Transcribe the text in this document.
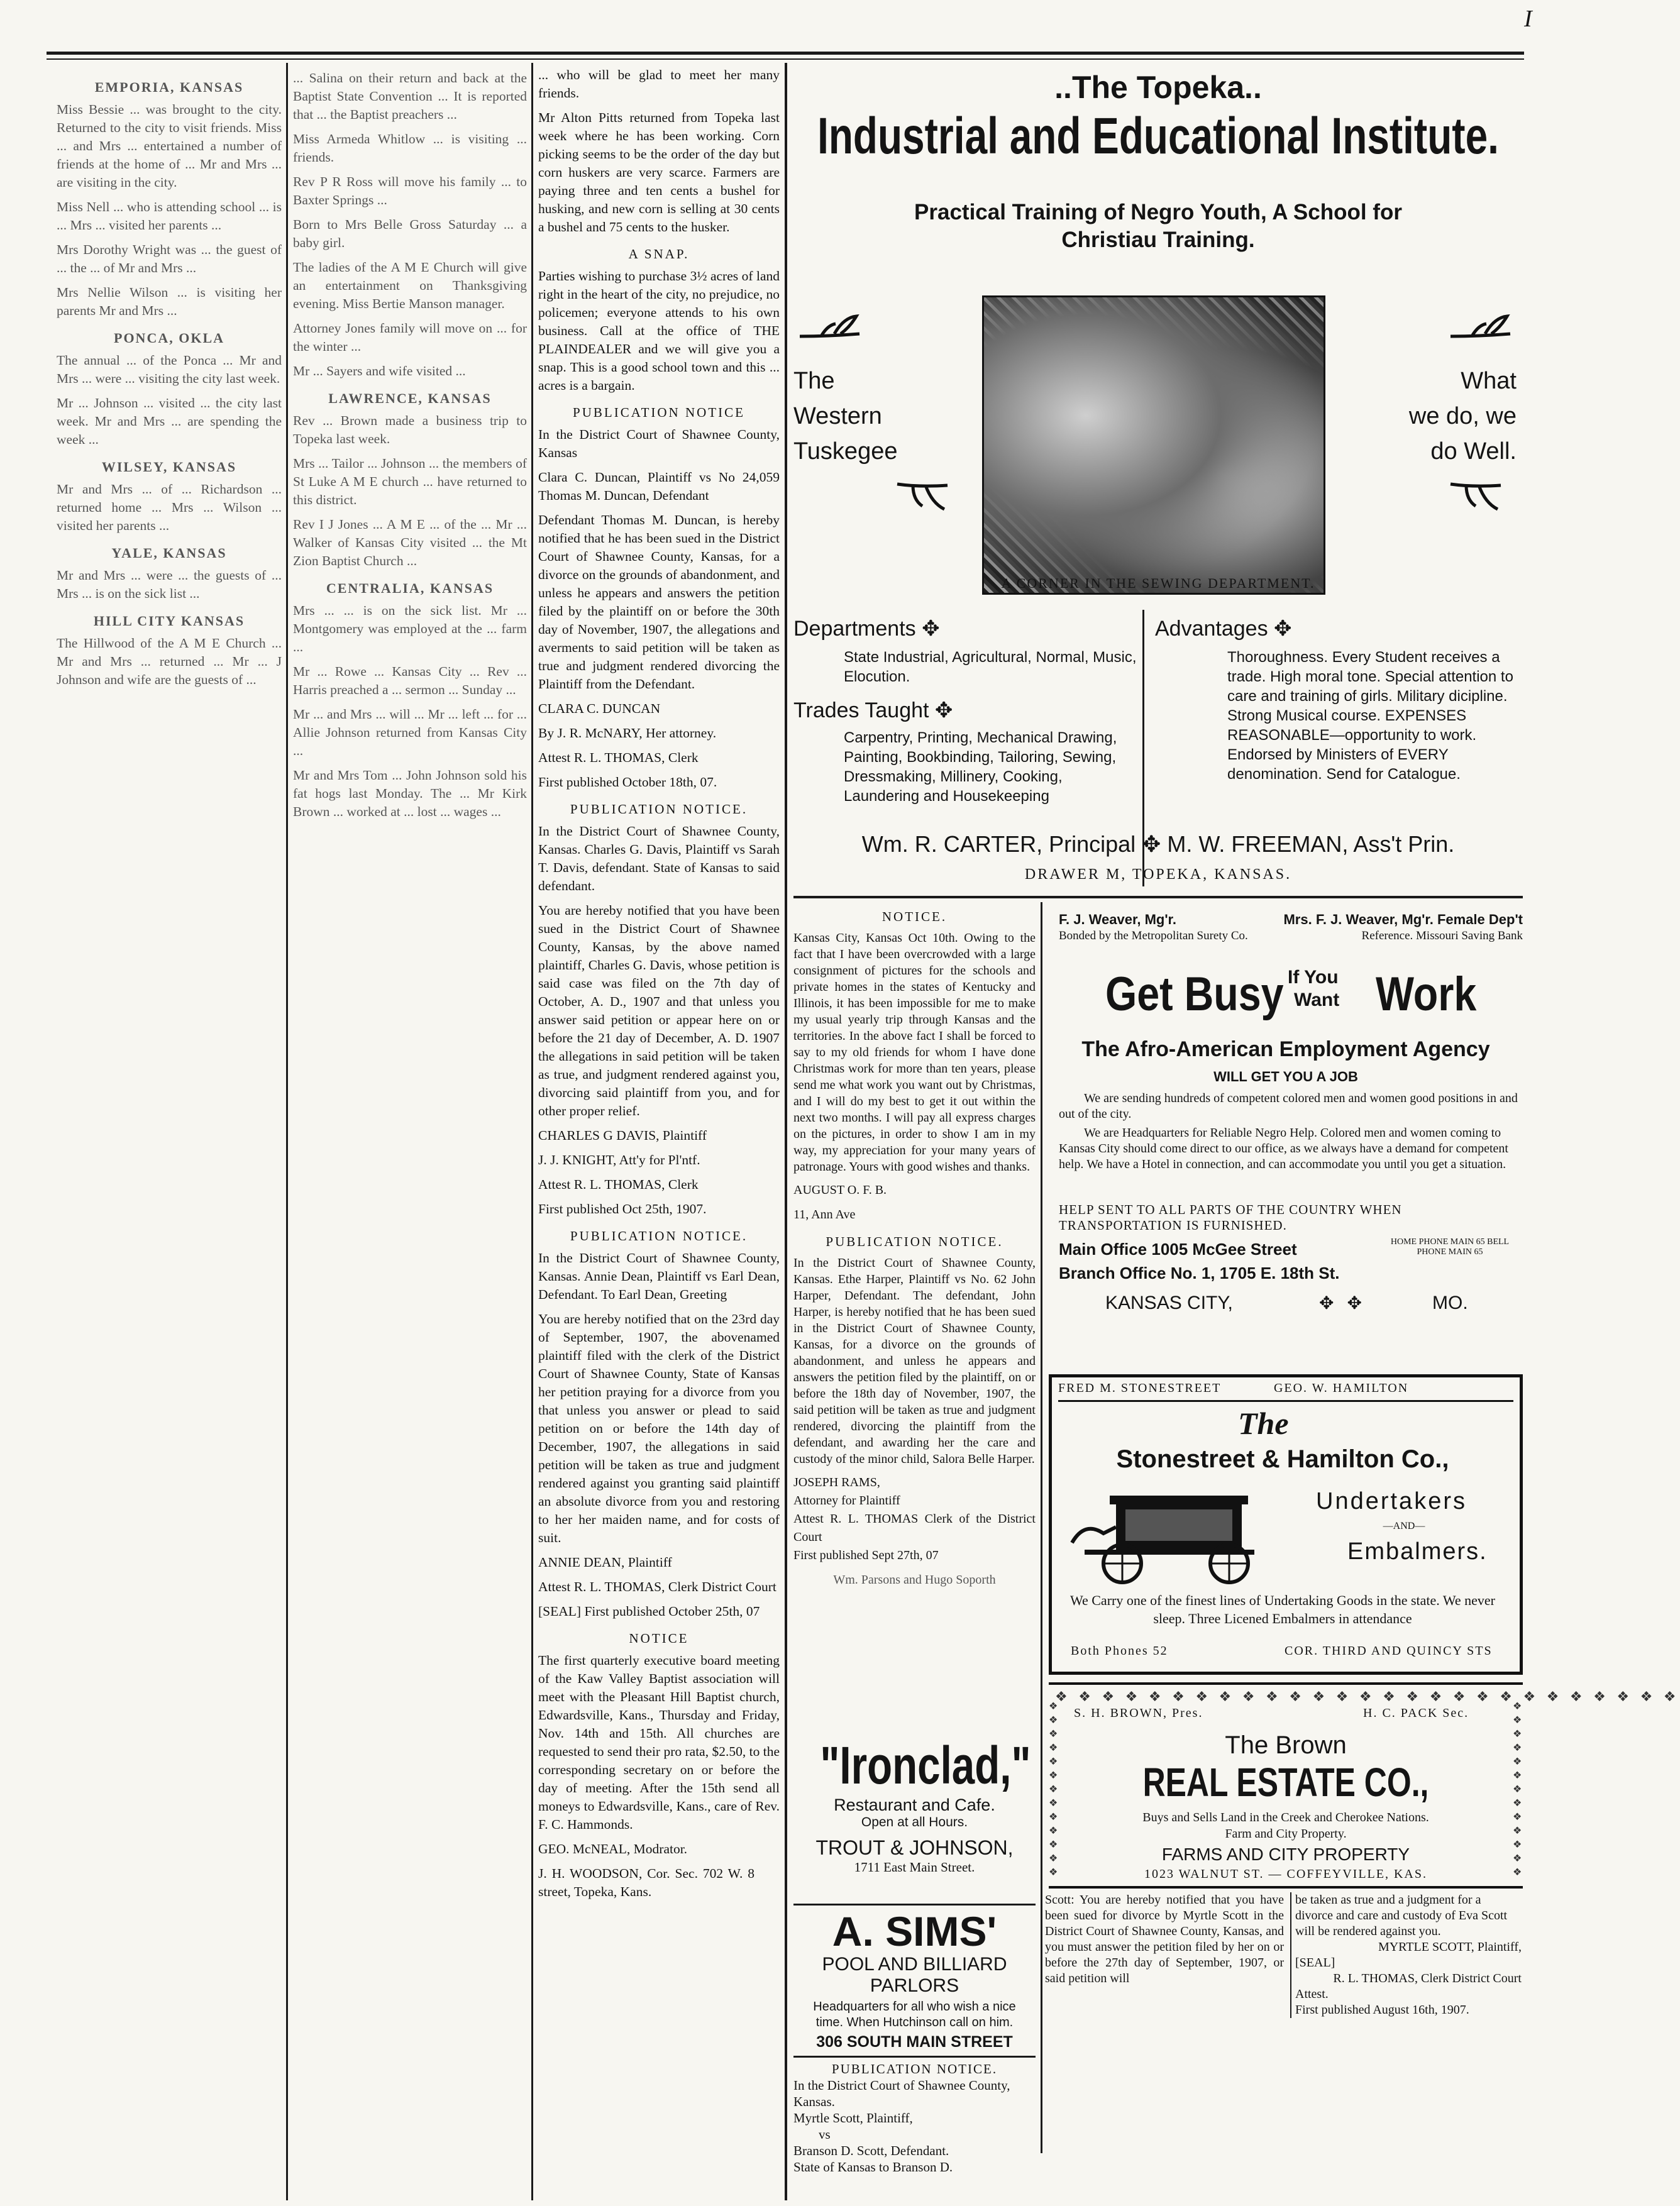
I
EMPORIA, KANSAS

Miss Bessie ... was brought to the city. Returned to the city to visit friends. Miss ... and Mrs ... entertained a number of friends at the home of ... Mr and Mrs ... are visiting in the city.

Miss Nell ... who is attending school ... is ... Mrs ... visited her parents ...

Mrs Dorothy Wright was ... the guest of ... the ... of Mr and Mrs ...

Mrs Nellie Wilson ... is visiting her parents Mr and Mrs ...

PONCA, OKLA

The annual ... of the Ponca ... Mr and Mrs ... were ... visiting the city last week.

Mr ... Johnson ... visited ... the city last week. Mr and Mrs ... are spending the week ...

WILSEY, KANSAS

Mr and Mrs ... of ... Richardson ... returned home ... Mrs ... Wilson ... visited her parents ...

YALE, KANSAS

Mr and Mrs ... were ... the guests of ... Mrs ... is on the sick list ...

HILL CITY KANSAS

The Hillwood of the A M E Church ... Mr and Mrs ... returned ... Mr ... J Johnson and wife are the guests of ...

... Salina on their return and back at the Baptist State Convention ... It is reported that ... the Baptist preachers ...

Miss Armeda Whitlow ... is visiting ... friends.

Rev P R Ross will move his family ... to Baxter Springs ...

Born to Mrs Belle Gross Saturday ... a baby girl.

The ladies of the A M E Church will give an entertainment on Thanksgiving evening. Miss Bertie Manson manager.

Attorney Jones family will move on ... for the winter ...

Mr ... Sayers and wife visited ...

LAWRENCE, KANSAS

Rev ... Brown made a business trip to Topeka last week.

Mrs ... Tailor ... Johnson ... the members of St Luke A M E church ... have returned to this district.

Rev I J Jones ... A M E ... of the ... Mr ... Walker of Kansas City visited ... the Mt Zion Baptist Church ...

CENTRALIA, KANSAS

Mrs ... ... is on the sick list. Mr ... Montgomery was employed at the ... farm ...

Mr ... Rowe ... Kansas City ... Rev ... Harris preached a ... sermon ... Sunday ...

Mr ... and Mrs ... will ... Mr ... left ... for ... Allie Johnson returned from Kansas City ...

Mr and Mrs Tom ... John Johnson sold his fat hogs last Monday. The ... Mr Kirk Brown ... worked at ... lost ... wages ...

... who will be glad to meet her many friends.

Mr Alton Pitts returned from Topeka last week where he has been working. Corn picking seems to be the order of the day but corn huskers are very scarce. Farmers are paying three and ten cents a bushel for husking, and new corn is selling at 30 cents a bushel and 75 cents to the husker.

A SNAP.

Parties wishing to purchase 3½ acres of land right in the heart of the city, no prejudice, no policemen; everyone attends to his own business. Call at the office of THE PLAINDEALER and we will give you a snap. This is a good school town and this ... acres is a bargain.

PUBLICATION NOTICE

In the District Court of Shawnee County, Kansas

Clara C. Duncan, Plaintiff vs No 24,059 Thomas M. Duncan, Defendant

Defendant Thomas M. Duncan, is hereby notified that he has been sued in the District Court of Shawnee County, Kansas, for a divorce on the grounds of abandonment, and unless he appears and answers the petition filed by the plaintiff on or before the 30th day of November, 1907, the allegations and averments to said petition will be taken as true and judgment rendered divorcing the Plaintiff from the Defendant.

CLARA C. DUNCAN

By J. R. McNARY, Her attorney.

Attest R. L. THOMAS, Clerk

First published October 18th, 07.

PUBLICATION NOTICE.

In the District Court of Shawnee County, Kansas. Charles G. Davis, Plaintiff vs Sarah T. Davis, defendant. State of Kansas to said defendant.

You are hereby notified that you have been sued in the District Court of Shawnee County, Kansas, by the above named plaintiff, Charles G. Davis, whose petition is said case was filed on the 7th day of October, A. D., 1907 and that unless you answer said petition or appear here on or before the 21 day of December, A. D. 1907 the allegations in said petition will be taken as true, and judgment rendered against you, divorcing said plaintiff from you, and for other proper relief.

CHARLES G DAVIS, Plaintiff

J. J. KNIGHT, Att'y for Pl'ntf.

Attest R. L. THOMAS, Clerk

First published Oct 25th, 1907.

PUBLICATION NOTICE.

In the District Court of Shawnee County, Kansas. Annie Dean, Plaintiff vs Earl Dean, Defendant. To Earl Dean, Greeting

You are hereby notified that on the 23rd day of September, 1907, the abovenamed plaintiff filed with the clerk of the District Court of Shawnee County, State of Kansas her petition praying for a divorce from you that unless you answer or plead to said petition on or before the 14th day of December, 1907, the allegations in said petition will be taken as true and judgment rendered against you granting said plaintiff an absolute divorce from you and restoring to her her maiden name, and for costs of suit.

ANNIE DEAN, Plaintiff

Attest R. L. THOMAS, Clerk District Court

[SEAL] First published October 25th, 07

NOTICE

The first quarterly executive board meeting of the Kaw Valley Baptist association will meet with the Pleasant Hill Baptist church, Edwardsville, Kans., Thursday and Friday, Nov. 14th and 15th. All churches are requested to send their pro rata, $2.50, to the corresponding secretary on or before the day of meeting. After the 15th send all moneys to Edwardsville, Kans., care of Rev. F. C. Hammonds.

GEO. McNEAL, Modrator.

J. H. WOODSON, Cor. Sec. 702 W. 8 street, Topeka, Kans.

..The Topeka..
Industrial and Educational Institute.
Practical Training of Negro Youth, A School for
Christiau Training.
The
Western
Tuskegee
What
we do, we
do Well.
A CORNER IN THE SEWING DEPARTMENT.
Departments ✥
State Industrial, Agricultural, Normal, Music, Elocution.
Trades Taught ✥
Carpentry, Printing, Mechanical Drawing, Painting, Bookbinding, Tailoring, Sewing, Dressmaking, Millinery, Cooking, Laundering and Housekeeping
Advantages ✥
Thoroughness. Every Student receives a trade. High moral tone. Special attention to care and training of girls. Military dicipline. Strong Musical course. EXPENSES REASONABLE—opportunity to work. Endorsed by Ministers of EVERY denomination. Send for Catalogue.
Wm. R. CARTER, Principal ✥ M. W. FREEMAN, Ass't Prin.
DRAWER M, TOPEKA, KANSAS.
NOTICE.

Kansas City, Kansas Oct 10th. Owing to the fact that I have been overcrowded with a large consignment of pictures for the schools and private homes in the states of Kentucky and Illinois, it has been impossible for me to make my usual yearly trip through Kansas and the territories. In the above fact I shall be forced to say to my old friends for whom I have done Christmas work for more than ten years, please send me what work you want out by Christmas, and I will do my best to get it out within the next two months. I will pay all express charges on the pictures, in order to show I am in my way, my appreciation for your many years of patronage. Yours with good wishes and thanks.

AUGUST O. F. B.

11, Ann Ave

PUBLICATION NOTICE.

In the District Court of Shawnee County, Kansas. Ethe Harper, Plaintiff vs No. 62 John Harper, Defendant. The defendant, John Harper, is hereby notified that he has been sued in the District Court of Shawnee County, Kansas, for a divorce on the grounds of abandonment, and unless he appears and answers the petition filed by the plaintiff, on or before the 18th day of November, 1907, the said petition will be taken as true and judgment rendered, divorcing the plaintiff from the defendant, and awarding her the care and custody of the minor child, Salora Belle Harper.

JOSEPH RAMS,

Attorney for Plaintiff

Attest R. L. THOMAS Clerk of the District Court

First published Sept 27th, 07

Wm. Parsons and Hugo Soporth

"Ironclad,"
Restaurant and Cafe.
Open at all Hours.
TROUT & JOHNSON,
1711 East Main Street.
A. SIMS'
POOL AND BILLIARD
PARLORS
Headquarters for all who wish a nice time. When Hutchinson call on him.
306 SOUTH MAIN STREET
PUBLICATION NOTICE.
In the District Court of Shawnee County, Kansas.
Myrtle Scott, Plaintiff,
vs
Branson D. Scott, Defendant.
State of Kansas to Branson D.
F. J. Weaver, Mg'r.
Bonded by the Metropolitan Surety Co.
Mrs. F. J. Weaver, Mg'r. Female Dep't
Reference. Missouri Saving Bank
Get Busy If You
Want Work
The Afro-American Employment Agency
WILL GET YOU A JOB
We are sending hundreds of competent colored men and women good positions in and out of the city.
We are Headquarters for Reliable Negro Help. Colored men and women coming to Kansas City should come direct to our office, as we always have a demand for competent help. We have a Hotel in connection, and can accommodate you until you get a situation.
HELP SENT TO ALL PARTS OF THE COUNTRY WHEN TRANSPORTATION IS FURNISHED.
Main Office 1005 McGee Street	HOME PHONE MAIN 65 BELL PHONE MAIN 65
Branch Office No. 1, 1705 E. 18th St.
KANSAS CITY,	✥   ✥	MO.
FRED M. STONESTREET            GEO. W. HAMILTON
The
Stonestreet & Hamilton Co.,
Undertakers
—AND—
Embalmers.
We Carry one of the finest lines of Undertaking Goods in the state. We never sleep. Three Licened Embalmers in attendance
Both Phones 52	COR. THIRD AND QUINCY STS
❖ ❖ ❖ ❖ ❖ ❖ ❖ ❖ ❖ ❖ ❖ ❖ ❖ ❖ ❖ ❖ ❖ ❖ ❖ ❖ ❖ ❖ ❖ ❖ ❖ ❖ ❖
S. H. BROWN, Pres.	H. C. PACK Sec.
The Brown
REAL ESTATE CO.,
Buys and Sells Land in the Creek and Cherokee Nations.
Farm and City Property.
FARMS AND CITY PROPERTY
1023 WALNUT ST. — COFFEYVILLE, KAS.
❖ ❖ ❖ ❖ ❖ ❖ ❖ ❖ ❖ ❖ ❖ ❖ ❖
❖ ❖ ❖ ❖ ❖ ❖ ❖ ❖ ❖ ❖ ❖ ❖ ❖
Scott: You are hereby notified that you have been sued for divorce by Myrtle Scott in the District Court of Shawnee County, Kansas, and you must answer the petition filed by her on or before the 27th day of September, 1907, or said petition will
be taken as true and a judgment for a divorce and care and custody of Eva Scott will be rendered against you.
MYRTLE SCOTT, Plaintiff,
[SEAL]
R. L. THOMAS, Clerk District Court
Attest.
First published August 16th, 1907.
